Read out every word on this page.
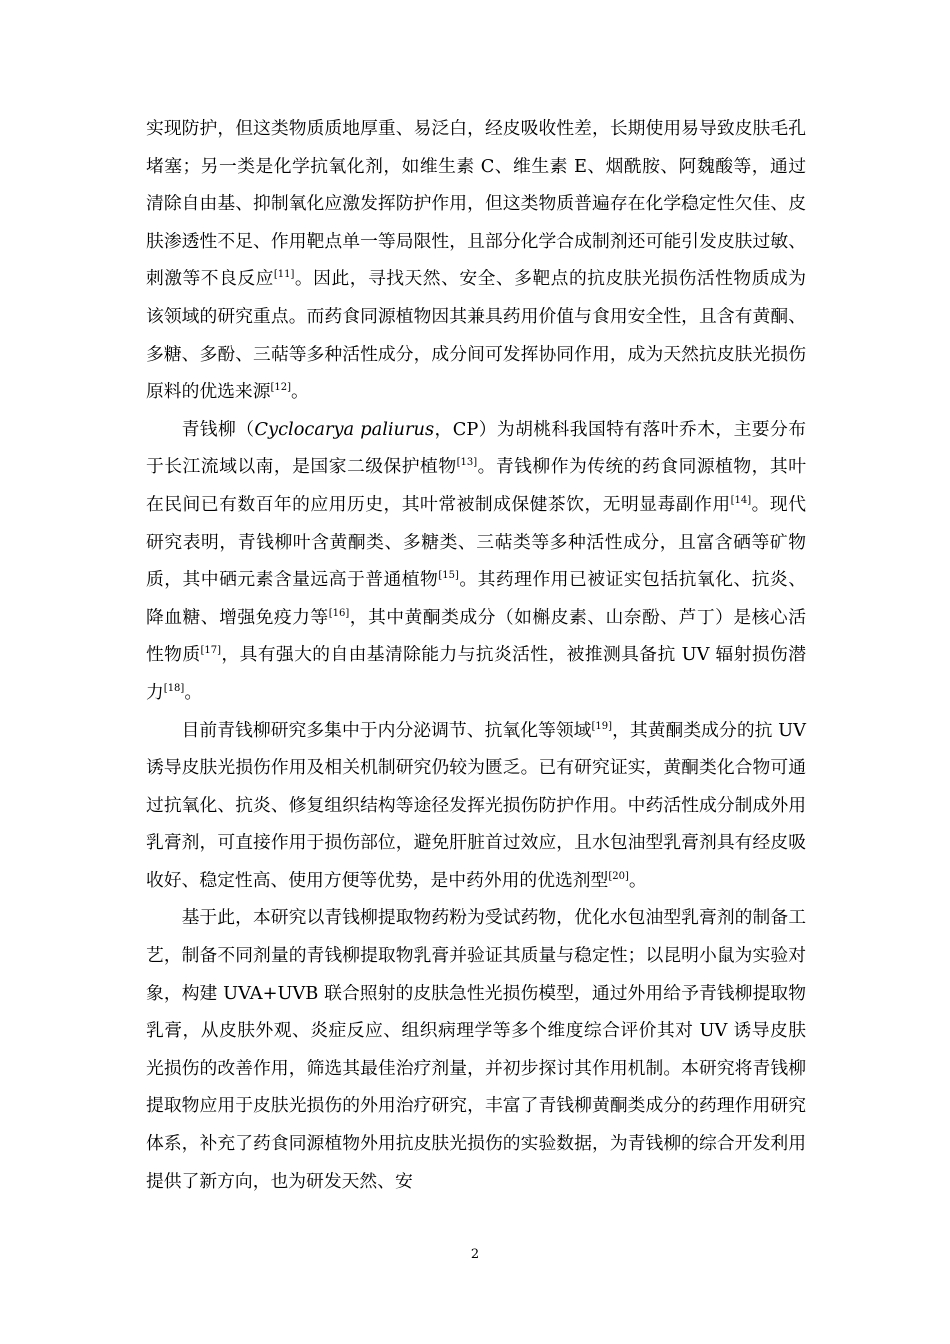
实现防护，但这类物质质地厚重、易泛白，经皮吸收性差，长期使用易导致皮肤毛孔堵塞；另一类是化学抗氧化剂，如维生素 C、维生素 E、烟酰胺、阿魏酸等，通过清除自由基、抑制氧化应激发挥防护作用，但这类物质普遍存在化学稳定性欠佳、皮肤渗透性不足、作用靶点单一等局限性，且部分化学合成制剂还可能引发皮肤过敏、刺激等不良反应[11]。因此，寻找天然、安全、多靶点的抗皮肤光损伤活性物质成为该领域的研究重点。而药食同源植物因其兼具药用价值与食用安全性，且含有黄酮、多糖、多酚、三萜等多种活性成分，成分间可发挥协同作用，成为天然抗皮肤光损伤原料的优选来源[12]。

青钱柳（Cyclocarya paliurus，CP）为胡桃科我国特有落叶乔木，主要分布于长江流域以南，是国家二级保护植物[13]。青钱柳作为传统的药食同源植物，其叶在民间已有数百年的应用历史，其叶常被制成保健茶饮，无明显毒副作用[14]。现代研究表明，青钱柳叶含黄酮类、多糖类、三萜类等多种活性成分，且富含硒等矿物质，其中硒元素含量远高于普通植物[15]。其药理作用已被证实包括抗氧化、抗炎、降血糖、增强免疫力等[16]，其中黄酮类成分（如槲皮素、山奈酚、芦丁）是核心活性物质[17]，具有强大的自由基清除能力与抗炎活性，被推测具备抗 UV 辐射损伤潜力[18]。

目前青钱柳研究多集中于内分泌调节、抗氧化等领域[19]，其黄酮类成分的抗 UV 诱导皮肤光损伤作用及相关机制研究仍较为匮乏。已有研究证实，黄酮类化合物可通过抗氧化、抗炎、修复组织结构等途径发挥光损伤防护作用。中药活性成分制成外用乳膏剂，可直接作用于损伤部位，避免肝脏首过效应，且水包油型乳膏剂具有经皮吸收好、稳定性高、使用方便等优势，是中药外用的优选剂型[20]。

基于此，本研究以青钱柳提取物药粉为受试药物，优化水包油型乳膏剂的制备工艺，制备不同剂量的青钱柳提取物乳膏并验证其质量与稳定性；以昆明小鼠为实验对象，构建 UVA+UVB 联合照射的皮肤急性光损伤模型，通过外用给予青钱柳提取物乳膏，从皮肤外观、炎症反应、组织病理学等多个维度综合评价其对 UV 诱导皮肤光损伤的改善作用，筛选其最佳治疗剂量，并初步探讨其作用机制。本研究将青钱柳提取物应用于皮肤光损伤的外用治疗研究，丰富了青钱柳黄酮类成分的药理作用研究体系，补充了药食同源植物外用抗皮肤光损伤的实验数据，为青钱柳的综合开发利用提供了新方向，也为研发天然、安

2
